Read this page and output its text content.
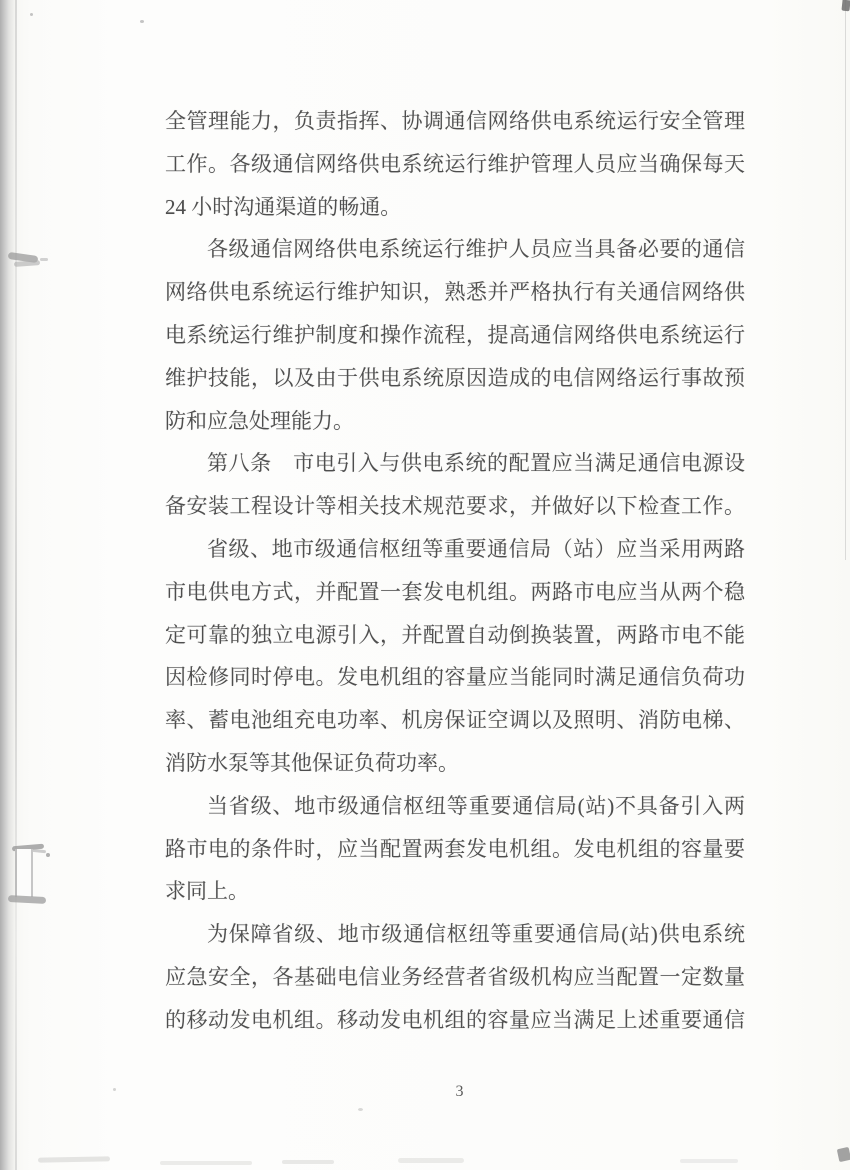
全管理能力，负责指挥、协调通信网络供电系统运行安全管理
工作。各级通信网络供电系统运行维护管理人员应当确保每天
24 小时沟通渠道的畅通。
各级通信网络供电系统运行维护人员应当具备必要的通信
网络供电系统运行维护知识，熟悉并严格执行有关通信网络供
电系统运行维护制度和操作流程，提高通信网络供电系统运行
维护技能，以及由于供电系统原因造成的电信网络运行事故预
防和应急处理能力。
第八条　市电引入与供电系统的配置应当满足通信电源设
备安装工程设计等相关技术规范要求，并做好以下检查工作。
省级、地市级通信枢纽等重要通信局（站）应当采用两路
市电供电方式，并配置一套发电机组。两路市电应当从两个稳
定可靠的独立电源引入，并配置自动倒换装置，两路市电不能
因检修同时停电。发电机组的容量应当能同时满足通信负荷功
率、蓄电池组充电功率、机房保证空调以及照明、消防电梯、
消防水泵等其他保证负荷功率。
当省级、地市级通信枢纽等重要通信局(站)不具备引入两
路市电的条件时，应当配置两套发电机组。发电机组的容量要
求同上。
为保障省级、地市级通信枢纽等重要通信局(站)供电系统
应急安全，各基础电信业务经营者省级机构应当配置一定数量
的移动发电机组。移动发电机组的容量应当满足上述重要通信
3
